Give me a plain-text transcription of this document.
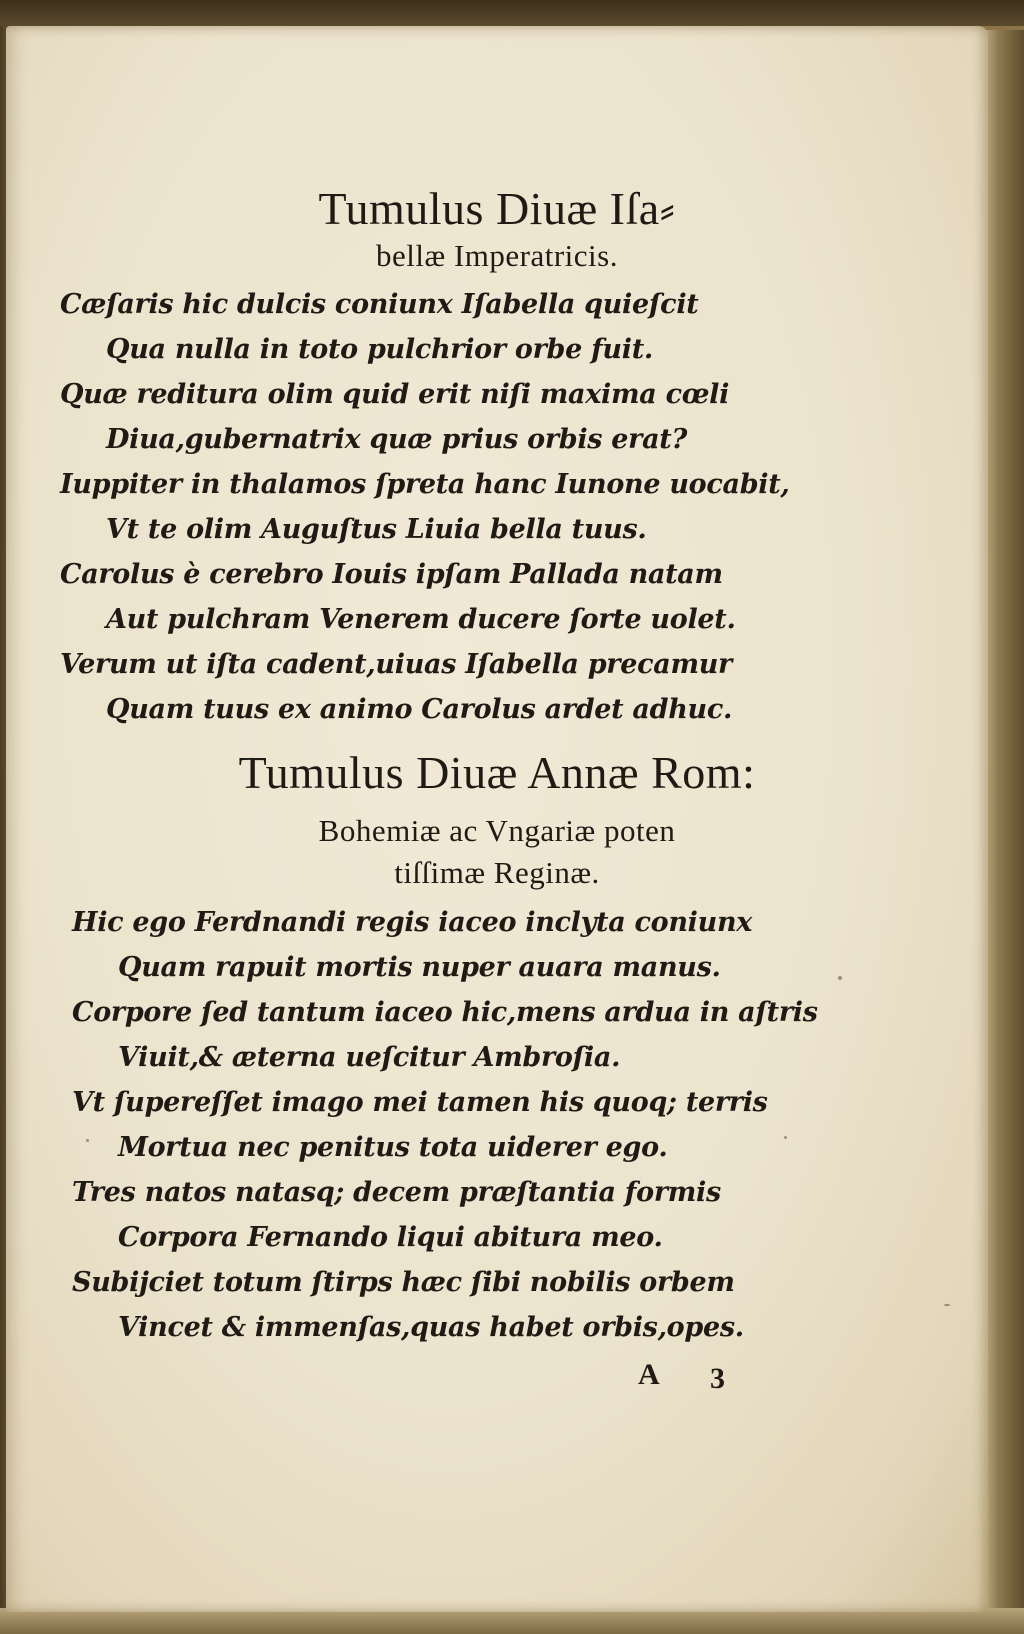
Tumulus Diuæ Iſa⸗
bellæ Imperatricis.
Cæſaris hic dulcis coniunx Iſabella quieſcit
Qua nulla in toto pulchrior orbe fuit.
Quæ reditura olim quid erit niſi maxima cœli
Diua,gubernatrix quæ prius orbis erat?
Iuppiter in thalamos ſpreta hanc Iunone uocabit,
Vt te olim Auguſtus Liuia bella tuus.
Carolus è cerebro Iouis ipſam Pallada natam
Aut pulchram Venerem ducere ſorte uolet.
Verum ut iſta cadent,uiuas Iſabella precamur
Quam tuus ex animo Carolus ardet adhuc.
Tumulus Diuæ Annæ Rom:
Bohemiæ ac Vngariæ poten
tiſſimæ Reginæ.
Hic ego Ferdnandi regis iaceo inclyta coniunx
Quam rapuit mortis nuper auara manus.
Corpore ſed tantum iaceo hic,mens ardua in aſtris
Viuit,& æterna ueſcitur Ambroſia.
Vt ſupereſſet imago mei tamen his quoq; terris
Mortua nec penitus tota uiderer ego.
Tres natos natasq; decem præſtantia formis
Corpora Fernando liqui abitura meo.
Subijciet totum ſtirps hæc ſibi nobilis orbem
Vincet & immenſas,quas habet orbis,opes.
A 3
